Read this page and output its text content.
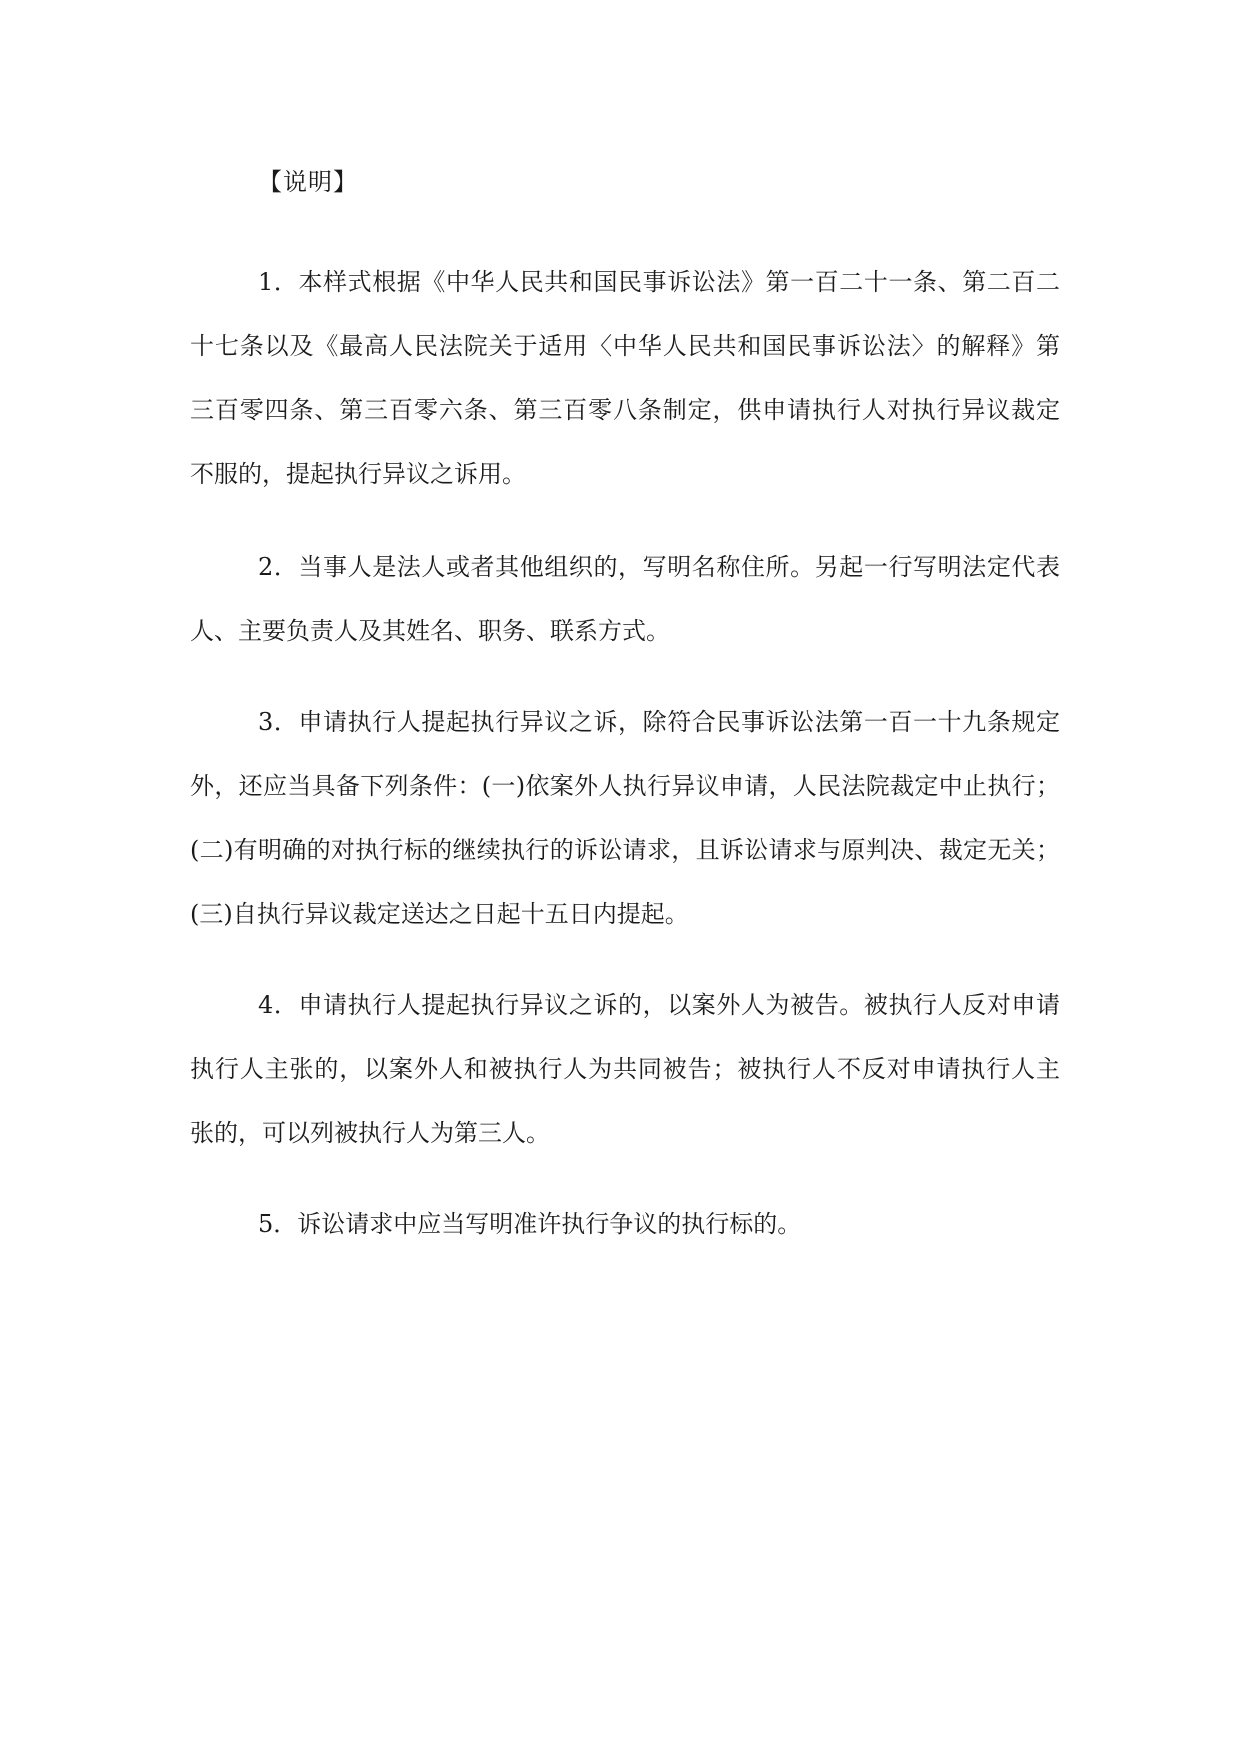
【说明】
1．本样式根据《中华人民共和国民事诉讼法》第一百二十一条、第二百二
十七条以及《最高人民法院关于适用〈中华人民共和国民事诉讼法〉的解释》第
三百零四条、第三百零六条、第三百零八条制定，供申请执行人对执行异议裁定
不服的，提起执行异议之诉用。
2．当事人是法人或者其他组织的，写明名称住所。另起一行写明法定代表
人、主要负责人及其姓名、职务、联系方式。
3．申请执行人提起执行异议之诉，除符合民事诉讼法第一百一十九条规定
外，还应当具备下列条件：(一)依案外人执行异议申请，人民法院裁定中止执行；
(二)有明确的对执行标的继续执行的诉讼请求，且诉讼请求与原判决、裁定无关；
(三)自执行异议裁定送达之日起十五日内提起。
4．申请执行人提起执行异议之诉的，以案外人为被告。被执行人反对申请
执行人主张的，以案外人和被执行人为共同被告；被执行人不反对申请执行人主
张的，可以列被执行人为第三人。
5．诉讼请求中应当写明准许执行争议的执行标的。
